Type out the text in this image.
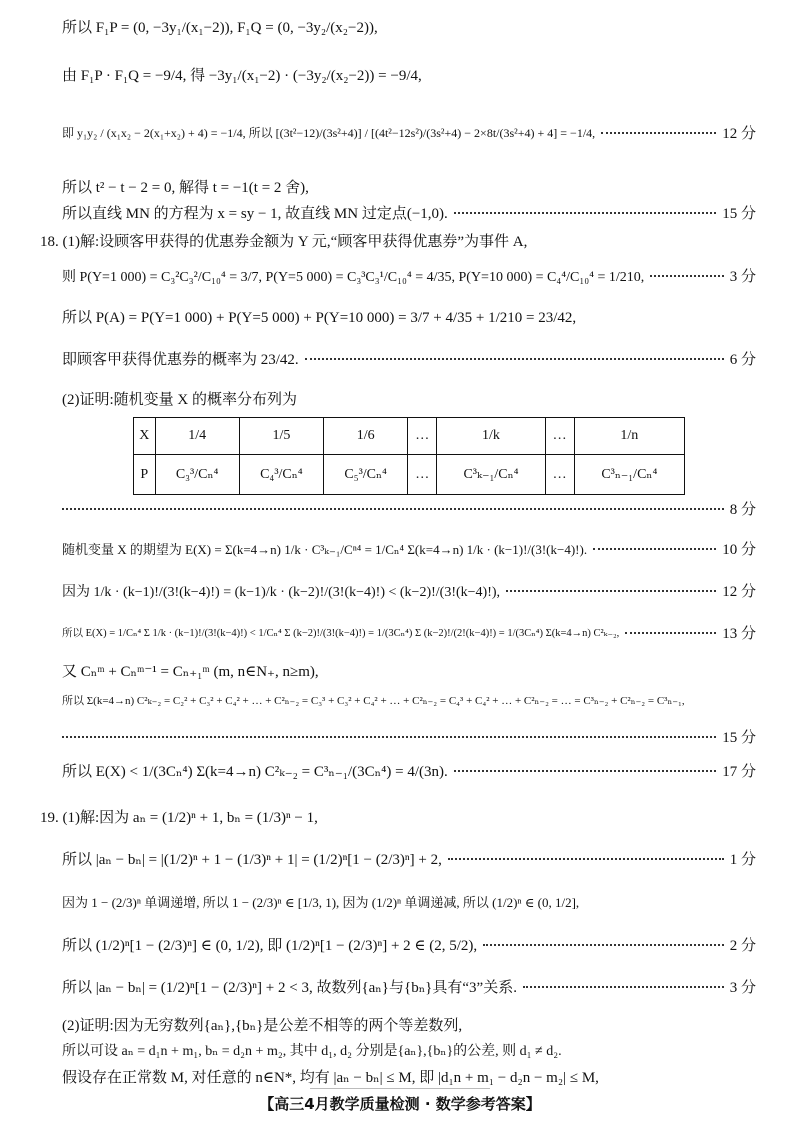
所以 F₁P = (0, −3y₁/(x₁−2)), F₁Q = (0, −3y₂/(x₂−2)),
由 F₁P · F₁Q = −9/4, 得 −3y₁/(x₁−2) · (−3y₂/(x₂−2)) = −9/4,
即 y₁y₂ / (x₁x₂ − 2(x₁+x₂) + 4) = −1/4, 所以 [(3t²−12)/(3s²+4)] / [(4t²−12s²)/(3s²+4) − 2×8t/(3s²+4) + 4] = −1/4,	12 分
所以 t² − t − 2 = 0, 解得 t = −1(t = 2 舍),
所以直线 MN 的方程为 x = sy − 1, 故直线 MN 过定点(−1,0).	15 分
18. (1)解:设顾客甲获得的优惠券金额为 Y 元,“顾客甲获得优惠券”为事件 A,
则 P(Y=1 000) = C₃²C₃²/C₁₀⁴ = 3/7, P(Y=5 000) = C₃³C₃¹/C₁₀⁴ = 4/35, P(Y=10 000) = C₄⁴/C₁₀⁴ = 1/210,	3 分
所以 P(A) = P(Y=1 000) + P(Y=5 000) + P(Y=10 000) = 3/7 + 4/35 + 1/210 = 23/42,
即顾客甲获得优惠券的概率为 23/42.	6 分
(2)证明:随机变量 X 的概率分布列为
X	1/4	1/5	1/6	…	1/k	…	1/n
P	C₃³/Cₙ⁴	C₄³/Cₙ⁴	C₅³/Cₙ⁴	…	C³ₖ₋₁/Cₙ⁴	…	C³ₙ₋₁/Cₙ⁴
8 分
随机变量 X 的期望为 E(X) = Σ(k=4→n) 1/k · C³ₖ₋₁/Cⁿ⁴ = 1/Cₙ⁴ Σ(k=4→n) 1/k · (k−1)!/(3!(k−4)!).	10 分
因为 1/k · (k−1)!/(3!(k−4)!) = (k−1)/k · (k−2)!/(3!(k−4)!) < (k−2)!/(3!(k−4)!),	12 分
所以 E(X) = 1/Cₙ⁴ Σ 1/k · (k−1)!/(3!(k−4)!) < 1/Cₙ⁴ Σ (k−2)!/(3!(k−4)!) = 1/(3Cₙ⁴) Σ (k−2)!/(2!(k−4)!) = 1/(3Cₙ⁴) Σ(k=4→n) C²ₖ₋₂,	13 分
又 Cₙᵐ + Cₙᵐ⁻¹ = Cₙ₊₁ᵐ (m, n∈N₊, n≥m),
所以 Σ(k=4→n) C²ₖ₋₂ = C₂² + C₃² + C₄² + … + C²ₙ₋₂ = C₃³ + C₃² + C₄² + … + C²ₙ₋₂ = C₄³ + C₄² + … + C²ₙ₋₂ = … = C³ₙ₋₂ + C²ₙ₋₂ = C³ₙ₋₁,
15 分
所以 E(X) < 1/(3Cₙ⁴) Σ(k=4→n) C²ₖ₋₂ = C³ₙ₋₁/(3Cₙ⁴) = 4/(3n).	17 分
19. (1)解:因为 aₙ = (1/2)ⁿ + 1, bₙ = (1/3)ⁿ − 1,
所以 |aₙ − bₙ| = |(1/2)ⁿ + 1 − (1/3)ⁿ + 1| = (1/2)ⁿ[1 − (2/3)ⁿ] + 2,	1 分
因为 1 − (2/3)ⁿ 单调递增, 所以 1 − (2/3)ⁿ ∈ [1/3, 1), 因为 (1/2)ⁿ 单调递减, 所以 (1/2)ⁿ ∈ (0, 1/2],
所以 (1/2)ⁿ[1 − (2/3)ⁿ] ∈ (0, 1/2), 即 (1/2)ⁿ[1 − (2/3)ⁿ] + 2 ∈ (2, 5/2),	2 分
所以 |aₙ − bₙ| = (1/2)ⁿ[1 − (2/3)ⁿ] + 2 < 3, 故数列{aₙ}与{bₙ}具有“3”关系.	3 分
(2)证明:因为无穷数列{aₙ},{bₙ}是公差不相等的两个等差数列,
所以可设 aₙ = d₁n + m₁, bₙ = d₂n + m₂, 其中 d₁, d₂ 分别是{aₙ},{bₙ}的公差, 则 d₁ ≠ d₂.
假设存在正常数 M, 对任意的 n∈N*, 均有 |aₙ − bₙ| ≤ M, 即 |d₁n + m₁ − d₂n − m₂| ≤ M,
【高三4月教学质量检测 · 数学参考答案】
